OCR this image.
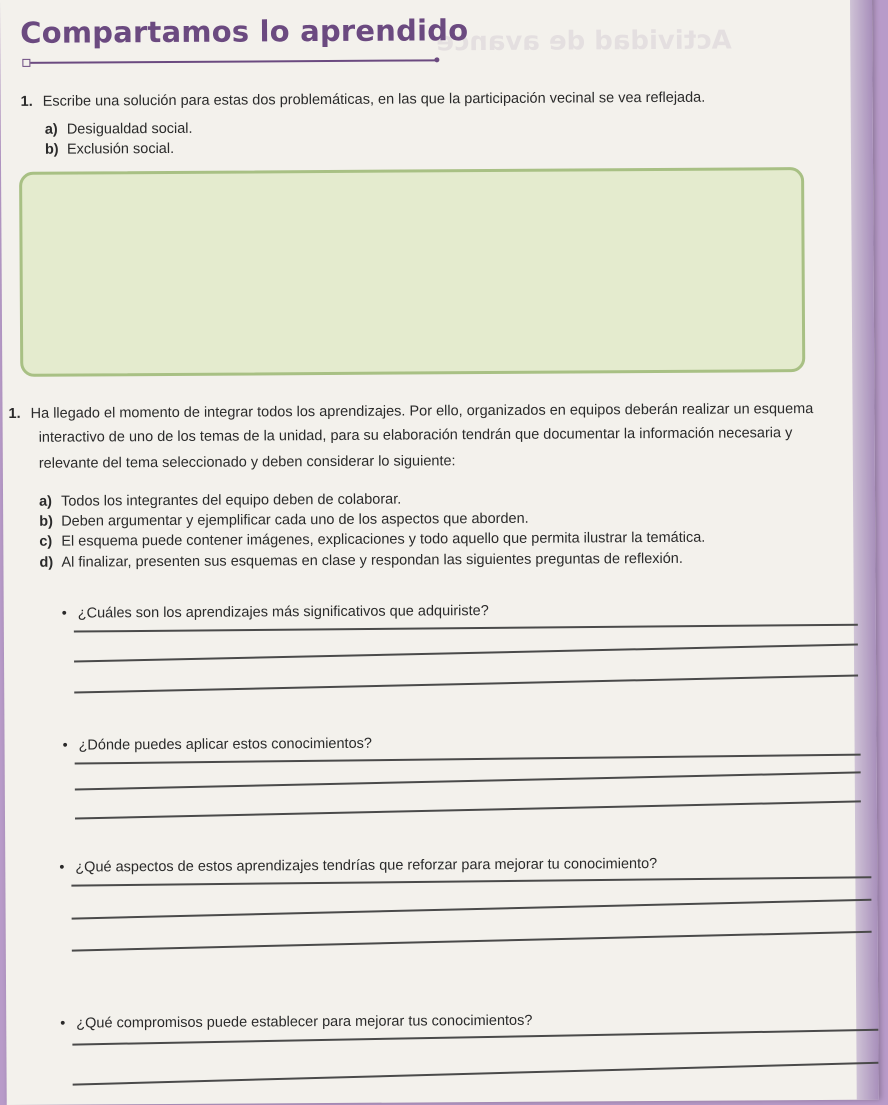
Compartamos lo aprendido
Actividad de avance
1. Escribe una solución para estas dos problemáticas, en las que la participación vecinal se vea reflejada.
a) Desigualdad social.
b) Exclusión social.
1. Ha llegado el momento de integrar todos los aprendizajes. Por ello, organizados en equipos deberán realizar un esquema
interactivo de uno de los temas de la unidad, para su elaboración tendrán que documentar la información necesaria y
relevante del tema seleccionado y deben considerar lo siguiente:
a) Todos los integrantes del equipo deben de colaborar.
b) Deben argumentar y ejemplificar cada uno de los aspectos que aborden.
c) El esquema puede contener imágenes, explicaciones y todo aquello que permita ilustrar la temática.
d) Al finalizar, presenten sus esquemas en clase y respondan las siguientes preguntas de reflexión.
• ¿Cuáles son los aprendizajes más significativos que adquiriste?
• ¿Dónde puedes aplicar estos conocimientos?
• ¿Qué aspectos de estos aprendizajes tendrías que reforzar para mejorar tu conocimiento?
• ¿Qué compromisos puede establecer para mejorar tus conocimientos?
